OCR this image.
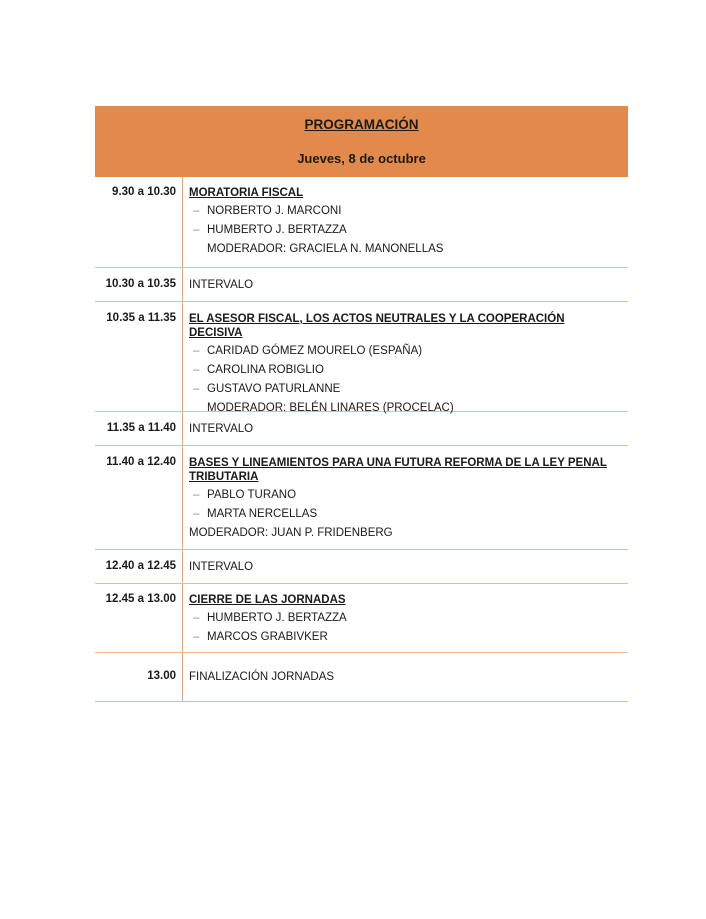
PROGRAMACIÓN
Jueves, 8 de octubre
9.30 a 10.30	MORATORIA FISCAL
– NORBERTO J. MARCONI
– HUMBERTO J. BERTAZZA
MODERADOR: GRACIELA N. MANONELLAS
10.30 a 10.35	INTERVALO
10.35 a 11.35	EL ASESOR FISCAL, LOS ACTOS NEUTRALES Y LA COOPERACIÓN DECISIVA
– CARIDAD GÓMEZ MOURELO (ESPAÑA)
– CAROLINA ROBIGLIO
– GUSTAVO PATURLANNE
MODERADOR: BELÉN LINARES (PROCELAC)
11.35 a 11.40	INTERVALO
11.40 a 12.40	BASES Y LINEAMIENTOS PARA UNA FUTURA REFORMA DE LA LEY PENAL TRIBUTARIA
– PABLO TURANO
– MARTA NERCELLAS
MODERADOR: JUAN P. FRIDENBERG
12.40 a 12.45	INTERVALO
12.45 a 13.00	CIERRE DE LAS JORNADAS
– HUMBERTO J. BERTAZZA
– MARCOS GRABIVKER
13.00	FINALIZACIÓN JORNADAS
